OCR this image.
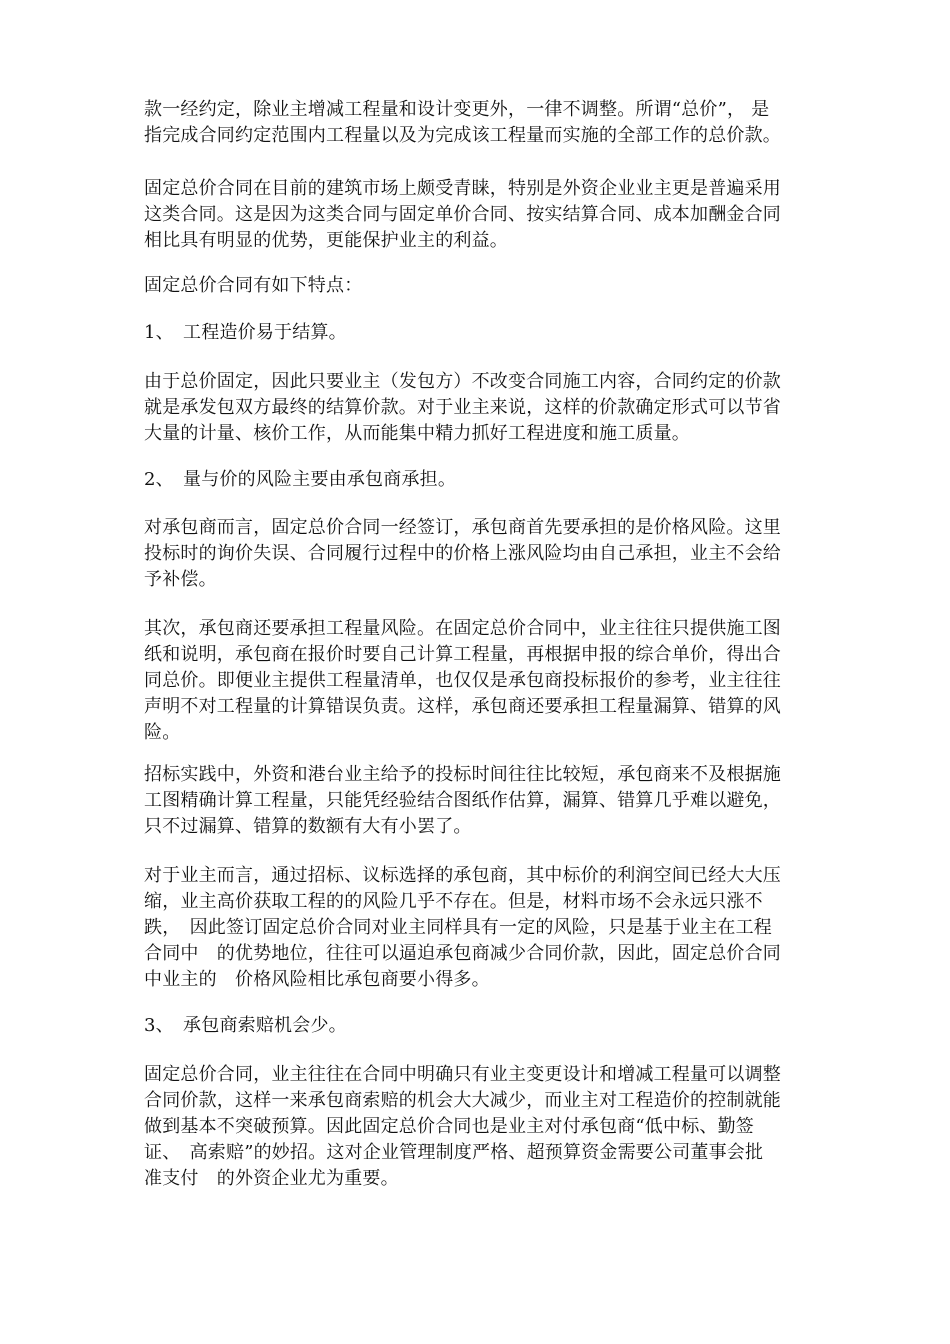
款一经约定，除业主增减工程量和设计变更外，一律不调整。所谓“总价”， 是
指完成合同约定范围内工程量以及为完成该工程量而实施的全部工作的总价款。

固定总价合同在目前的建筑市场上颇受青睐，特别是外资企业业主更是普遍采用
这类合同。这是因为这类合同与固定单价合同、按实结算合同、成本加酬金合同
相比具有明显的优势，更能保护业主的利益。

固定总价合同有如下特点：

1、　工程造价易于结算。

由于总价固定，因此只要业主（发包方）不改变合同施工内容，合同约定的价款
就是承发包双方最终的结算价款。对于业主来说，这样的价款确定形式可以节省
大量的计量、核价工作，从而能集中精力抓好工程进度和施工质量。

2、　量与价的风险主要由承包商承担。

对承包商而言，固定总价合同一经签订，承包商首先要承担的是价格风险。这里
投标时的询价失误、合同履行过程中的价格上涨风险均由自己承担，业主不会给
予补偿。

其次，承包商还要承担工程量风险。在固定总价合同中，业主往往只提供施工图
纸和说明，承包商在报价时要自己计算工程量，再根据申报的综合单价，得出合
同总价。即便业主提供工程量清单，也仅仅是承包商投标报价的参考，业主往往
声明不对工程量的计算错误负责。这样，承包商还要承担工程量漏算、错算的风
险。

招标实践中，外资和港台业主给予的投标时间往往比较短，承包商来不及根据施
工图精确计算工程量，只能凭经验结合图纸作估算，漏算、错算几乎难以避免，
只不过漏算、错算的数额有大有小罢了。

对于业主而言，通过招标、议标选择的承包商，其中标价的利润空间已经大大压
缩，业主高价获取工程的的风险几乎不存在。但是，材料市场不会永远只涨不
跌，　因此签订固定总价合同对业主同样具有一定的风险，只是基于业主在工程
合同中　的优势地位，往往可以逼迫承包商减少合同价款，因此，固定总价合同
中业主的　价格风险相比承包商要小得多。

3、　承包商索赔机会少。

固定总价合同，业主往往在合同中明确只有业主变更设计和增减工程量可以调整
合同价款，这样一来承包商索赔的机会大大减少，而业主对工程造价的控制就能
做到基本不突破预算。因此固定总价合同也是业主对付承包商“低中标、勤签
证、　高索赔”的妙招。这对企业管理制度严格、超预算资金需要公司董事会批
准支付　的外资企业尤为重要。
